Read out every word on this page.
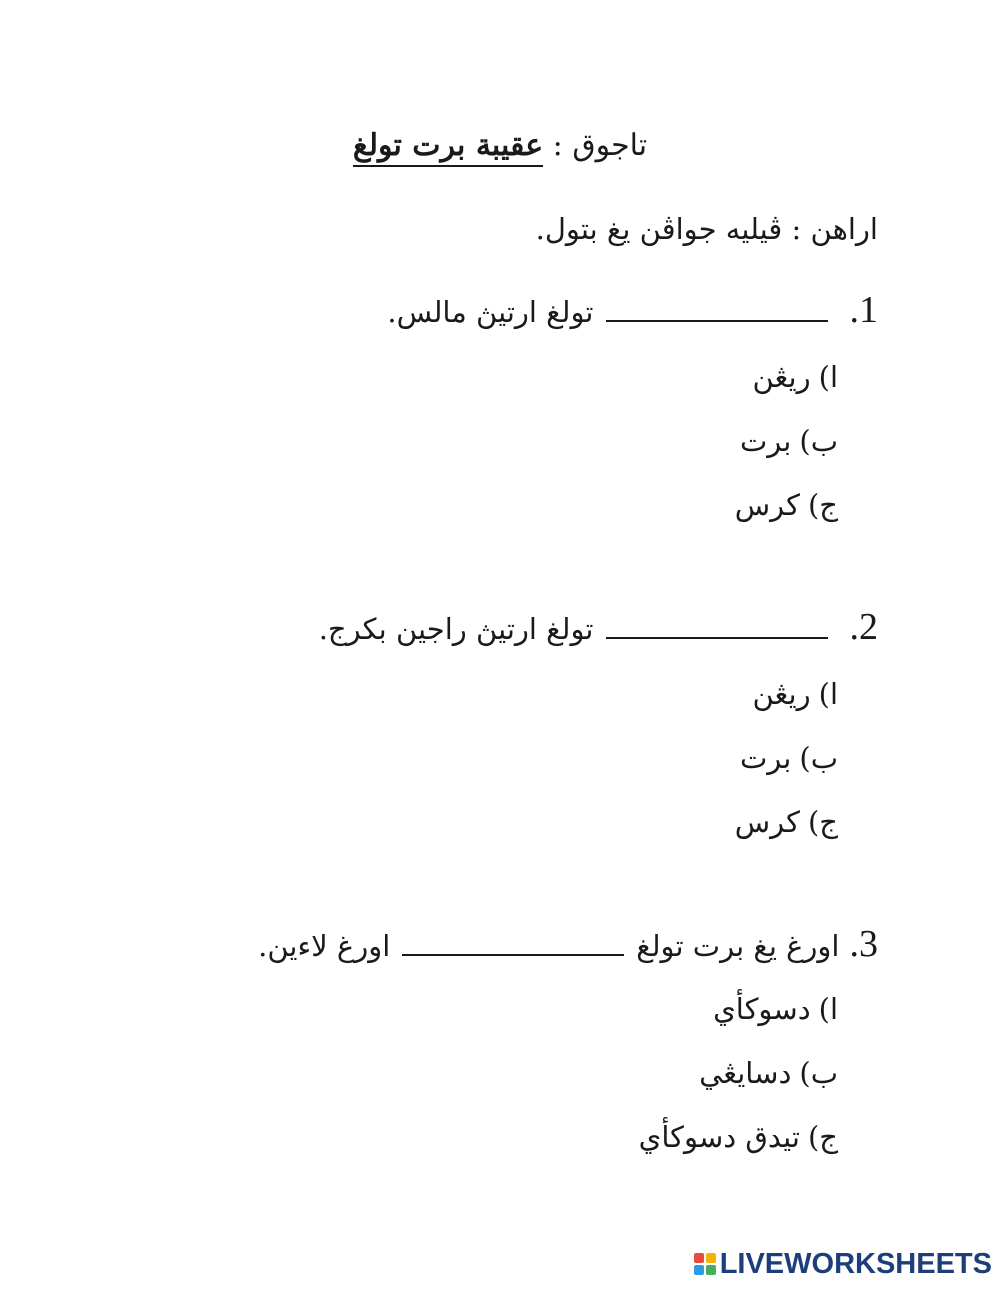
تاجوق : عقيبة برت تولغ
اراهن : ڤيليه جواڤن يغ بتول.
1.
تولغ ارتيڽ مالس.
ا)ريڠن
ب)برت
ج)كرس
2.
تولغ ارتيڽ راجين بكرج.
ا)ريڠن
ب)برت
ج)كرس
3.
اورغ يغ برت تولغ
اورغ لاءين.
ا)دسوكأي
ب)دسايڠي
ج)تيدق دسوكأي
LIVEWORKSHEETS
